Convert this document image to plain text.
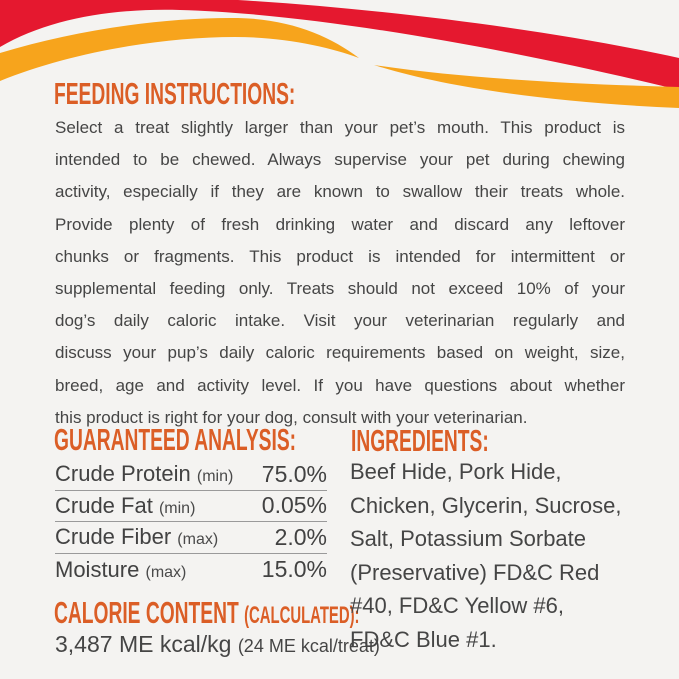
FEEDING INSTRUCTIONS:
Select a treat slightly larger than your pet’s mouth. This product is
intended to be chewed. Always supervise your pet during chewing
activity, especially if they are known to swallow their treats whole.
Provide plenty of fresh drinking water and discard any leftover
chunks or fragments. This product is intended for intermittent or
supplemental feeding only. Treats should not exceed 10% of your
dog’s daily caloric intake. Visit your veterinarian regularly and
discuss your pup’s daily caloric requirements based on weight, size,
breed, age and activity level. If you have questions about whether
this product is right for your dog, consult with your veterinarian.
GUARANTEED ANALYSIS:
Crude Protein (min) 75.0%
Crude Fat (min)	0.05%
Crude Fiber (max) 2.0%
Moisture (max)	15.0%
CALORIE CONTENT (CALCULATED):
3,487 ME kcal/kg (24 ME kcal/treat)
INGREDIENTS:
Beef Hide, Pork Hide,
Chicken, Glycerin, Sucrose,
Salt, Potassium Sorbate
(Preservative) FD&C Red
#40, FD&C Yellow #6,
FD&C Blue #1.
